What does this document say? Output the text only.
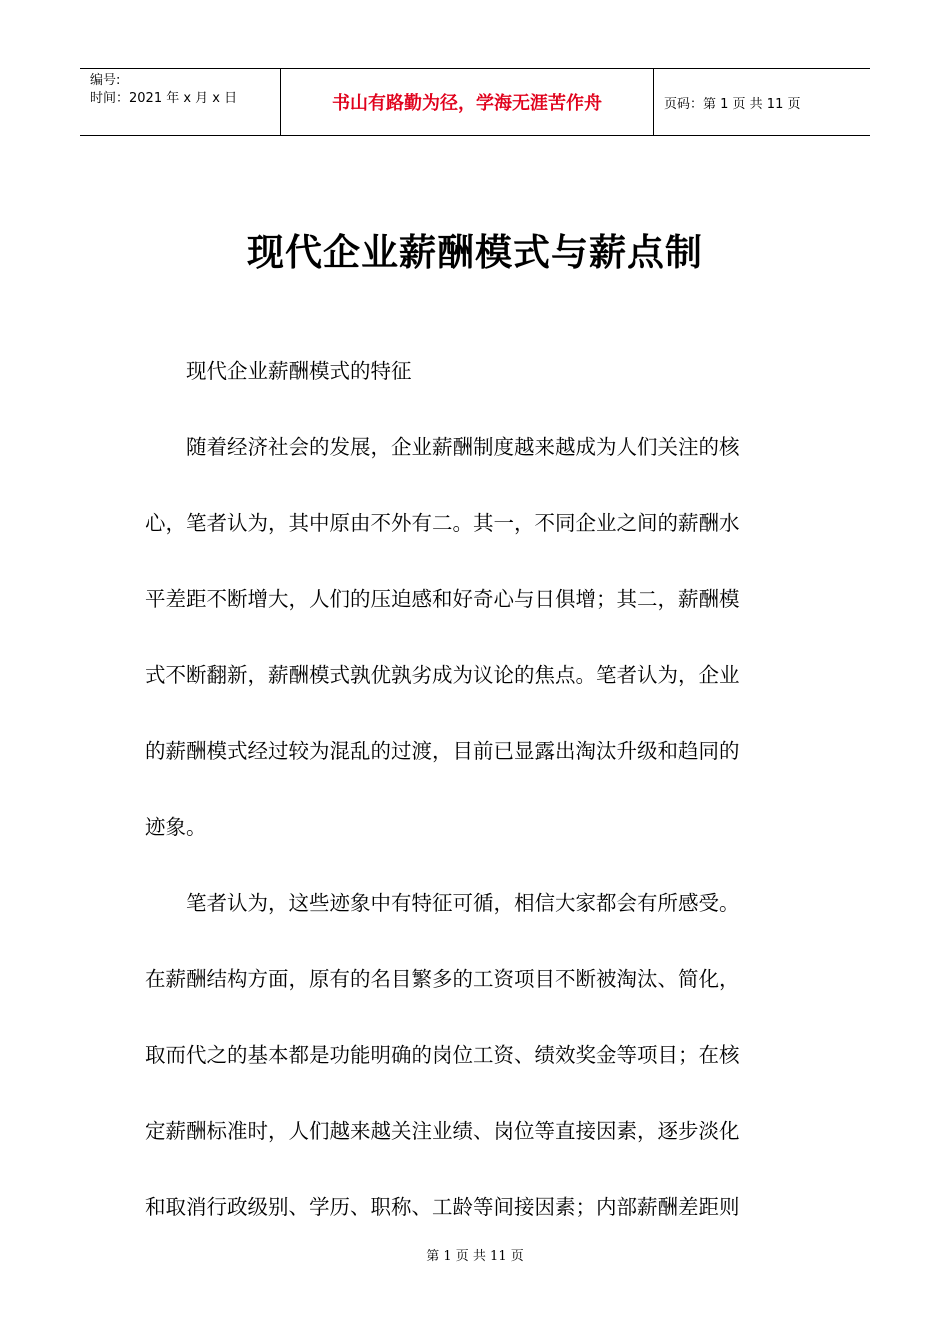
编号:
时间：2021 年 x 月 x 日	书山有路勤为径，学海无涯苦作舟	页码：第 1 页 共 11 页
现代企业薪酬模式与薪点制
现代企业薪酬模式的特征
随着经济社会的发展，企业薪酬制度越来越成为人们关注的核
心，笔者认为，其中原由不外有二。其一，不同企业之间的薪酬水
平差距不断增大，人们的压迫感和好奇心与日俱增；其二，薪酬模
式不断翻新，薪酬模式孰优孰劣成为议论的焦点。笔者认为，企业
的薪酬模式经过较为混乱的过渡，目前已显露出淘汰升级和趋同的
迹象。
笔者认为，这些迹象中有特征可循，相信大家都会有所感受。
在薪酬结构方面，原有的名目繁多的工资项目不断被淘汰、简化，
取而代之的基本都是功能明确的岗位工资、绩效奖金等项目；在核
定薪酬标准时，人们越来越关注业绩、岗位等直接因素，逐步淡化
和取消行政级别、学历、职称、工龄等间接因素；内部薪酬差距则
第 1 页 共 11 页
